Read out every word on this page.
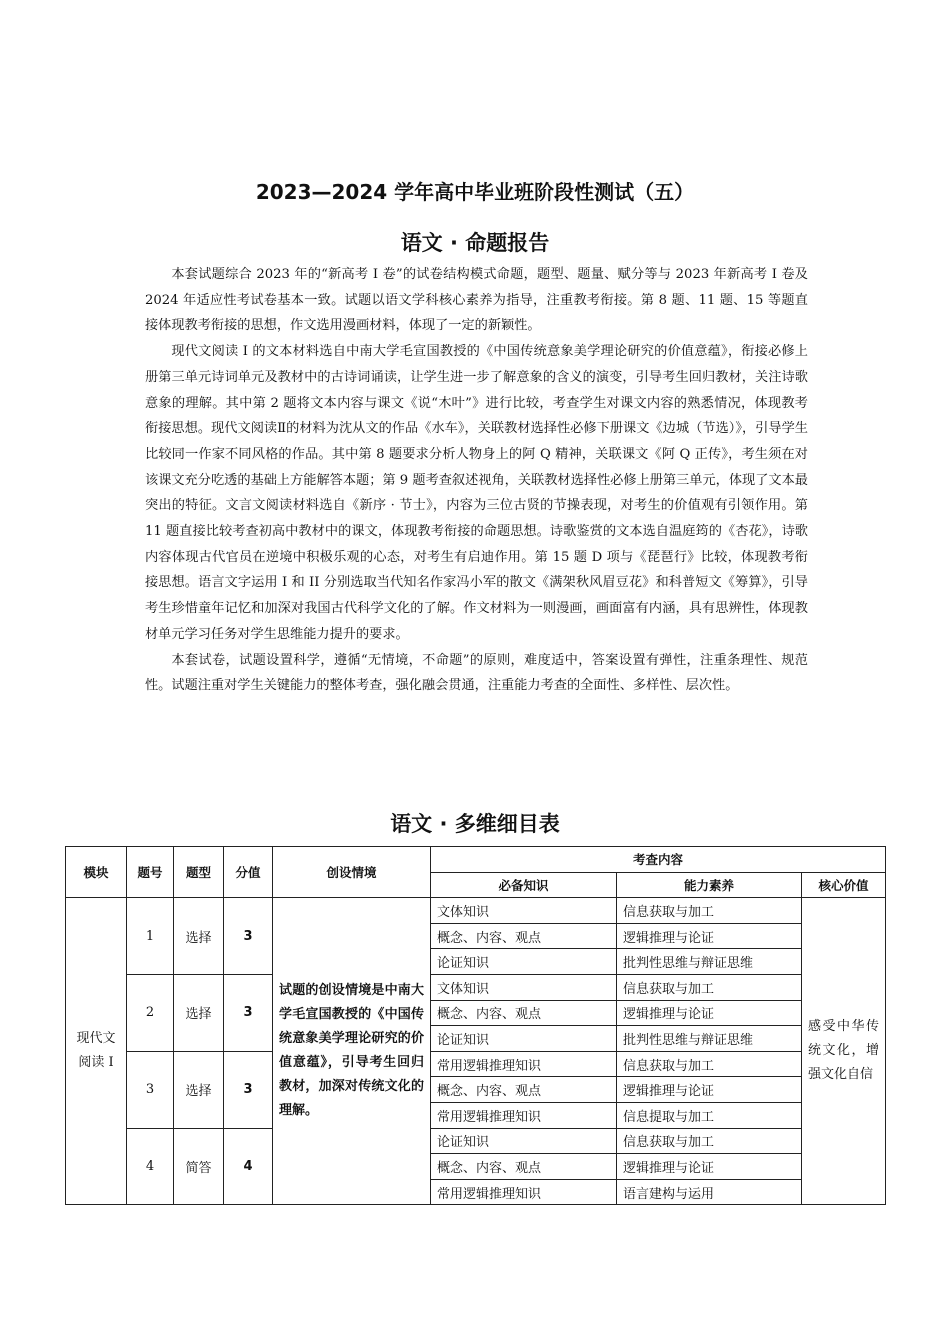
2023—2024 学年高中毕业班阶段性测试（五）
语文 · 命题报告

本套试题综合 2023 年的“新高考 I 卷”的试卷结构模式命题，题型、题量、赋分等与 2023 年新高考 I 卷及 2024 年适应性考试卷基本一致。试题以语文学科核心素养为指导，注重教考衔接。第 8 题、11 题、15 等题直接体现教考衔接的思想，作文选用漫画材料，体现了一定的新颖性。

现代文阅读 I 的文本材料选自中南大学毛宣国教授的《中国传统意象美学理论研究的价值意蕴》，衔接必修上册第三单元诗词单元及教材中的古诗词诵读，让学生进一步了解意象的含义的演变，引导考生回归教材，关注诗歌意象的理解。其中第 2 题将文本内容与课文《说“木叶”》进行比较，考查学生对课文内容的熟悉情况，体现教考衔接思想。现代文阅读Ⅱ的材料为沈从文的作品《水车》，关联教材选择性必修下册课文《边城（节选）》，引导学生比较同一作家不同风格的作品。其中第 8 题要求分析人物身上的阿 Q 精神，关联课文《阿 Q 正传》，考生须在对该课文充分吃透的基础上方能解答本题；第 9 题考查叙述视角，关联教材选择性必修上册第三单元，体现了文本最突出的特征。文言文阅读材料选自《新序 · 节士》，内容为三位古贤的节操表现，对考生的价值观有引领作用。第 11 题直接比较考查初高中教材中的课文，体现教考衔接的命题思想。诗歌鉴赏的文本选自温庭筠的《杏花》，诗歌内容体现古代官员在逆境中积极乐观的心态，对考生有启迪作用。第 15 题 D 项与《琵琶行》比较，体现教考衔接思想。语言文字运用 I 和 II 分别选取当代知名作家冯小军的散文《满架秋风眉豆花》和科普短文《筹算》，引导考生珍惜童年记忆和加深对我国古代科学文化的了解。作文材料为一则漫画，画面富有内涵，具有思辨性，体现教材单元学习任务对学生思维能力提升的要求。

本套试卷，试题设置科学，遵循“无情境，不命题”的原则，难度适中，答案设置有弹性，注重条理性、规范性。试题注重对学生关键能力的整体考查，强化融会贯通，注重能力考查的全面性、多样性、层次性。

语文 · 多维细目表
模块	题号	题型	分值	创设情境	考查内容		
					必备知识	能力素养	核心价值
现代文阅读 I	1	选择	3	试题的创设情境是中南大学毛宣国教授的《中国传统意象美学理论研究的价值意蕴》，引导考生回归教材，加深对传统文化的理解。	文体知识	信息获取与加工	感受中华传统文化，增强文化自信
					概念、内容、观点	逻辑推理与论证	
					论证知识	批判性思维与辩证思维	
	2	选择	3		文体知识	信息获取与加工	
					概念、内容、观点	逻辑推理与论证	
					论证知识	批判性思维与辩证思维	
	3	选择	3		常用逻辑推理知识	信息获取与加工	
					概念、内容、观点	逻辑推理与论证	
					常用逻辑推理知识	信息提取与加工	
	4	简答	4		论证知识	信息获取与加工	
					概念、内容、观点	逻辑推理与论证	
					常用逻辑推理知识	语言建构与运用	
